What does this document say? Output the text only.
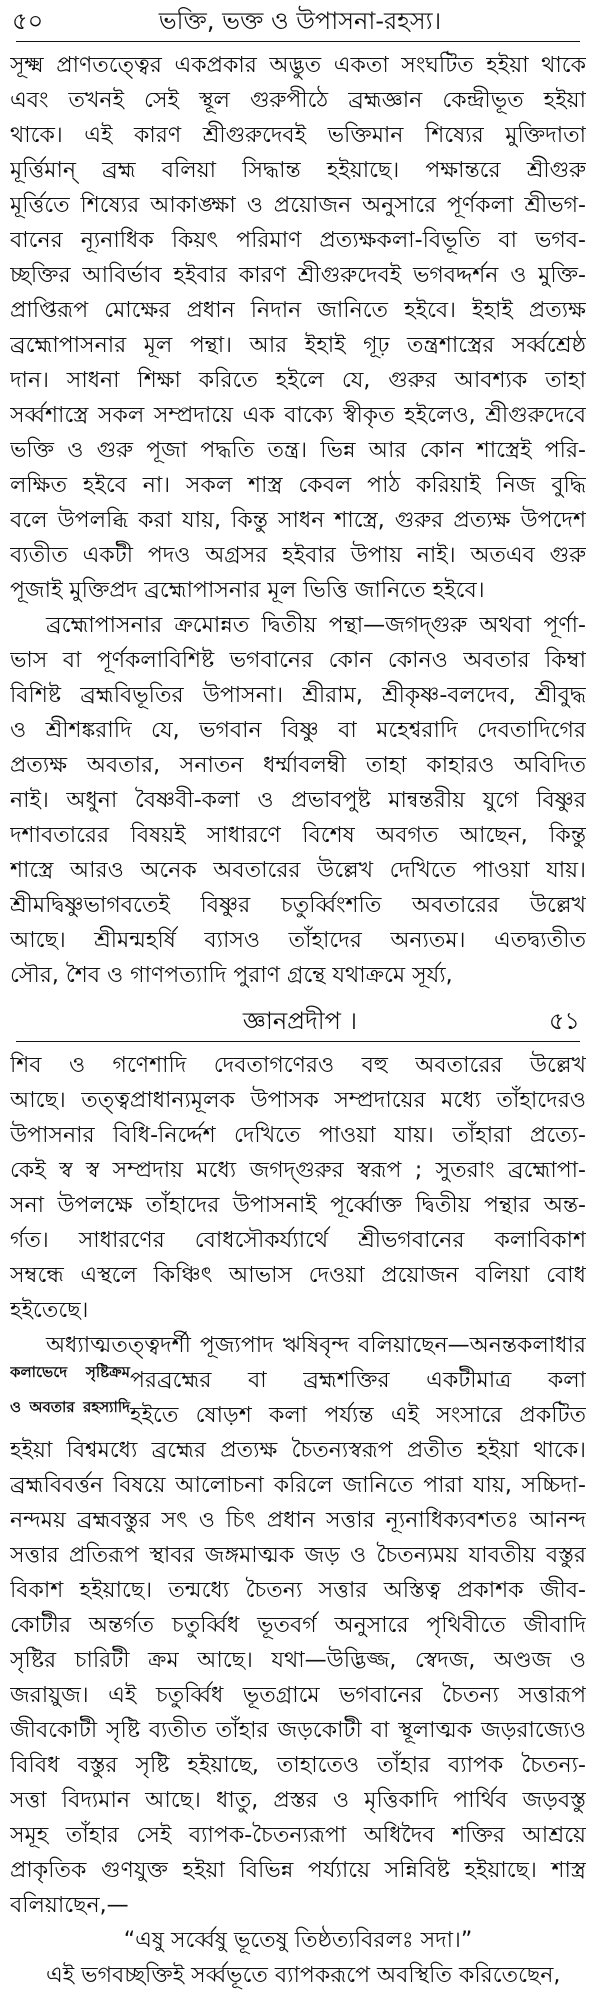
৫০	ভক্তি, ভক্ত ও উপাসনা-রহস্য।
সূক্ষ্ম প্রাণতত্ত্বের একপ্রকার অদ্ভুত একতা সংঘটিত হইয়া থাকে
এবং তখনই সেই স্থূল গুরুপীঠে ব্রহ্মজ্ঞান কেন্দ্রীভূত হইয়া
থাকে। এই কারণ শ্রীগুরুদেবই ভক্তিমান শিষ্যের মুক্তিদাতা
মূর্ত্তিমান্ ব্রহ্ম বলিয়া সিদ্ধান্ত হইয়াছে। পক্ষান্তরে শ্রীগুরু
মূর্ত্তিতে শিষ্যের আকাঙ্ক্ষা ও প্রয়োজন অনুসারে পূর্ণকলা শ্রীভগ-
বানের ন্যূনাধিক কিয়ৎ পরিমাণ প্রত্যক্ষকলা-বিভূতি বা ভগব-
চ্ছক্তির আবির্ভাব হইবার কারণ শ্রীগুরুদেবই ভগবদ্দর্শন ও মুক্তি-
প্রাপ্তিরূপ মোক্ষের প্রধান নিদান জানিতে হইবে। ইহাই প্রত্যক্ষ
ব্রহ্মোপাসনার মূল পন্থা। আর ইহাই গূঢ় তন্ত্রশাস্ত্রের সর্ব্বশ্রেষ্ঠ
দান। সাধনা শিক্ষা করিতে হইলে যে, গুরুর আবশ্যক তাহা
সর্ব্বশাস্ত্রে সকল সম্প্রদায়ে এক বাক্যে স্বীকৃত হইলেও, শ্রীগুরুদেবে
ভক্তি ও গুরু পূজা পদ্ধতি তন্ত্র। ভিন্ন আর কোন শাস্ত্রেই পরি-
লক্ষিত হইবে না। সকল শাস্ত্র কেবল পাঠ করিয়াই নিজ বুদ্ধি
বলে উপলব্ধি করা যায়, কিন্তু সাধন শাস্ত্রে, গুরুর প্রত্যক্ষ উপদেশ
ব্যতীত একটী পদও অগ্রসর হইবার উপায় নাই। অতএব গুরু
পূজাই মুক্তিপ্রদ ব্রহ্মোপাসনার মূল ভিত্তি জানিতে হইবে।
ব্রহ্মোপাসনার ক্রমোন্নত দ্বিতীয় পন্থা—জগদ্গুরু অথবা পূর্ণা-
ভাস বা পূর্ণকলাবিশিষ্ট ভগবানের কোন কোনও অবতার কিম্বা
বিশিষ্ট ব্রহ্মবিভূতির উপাসনা। শ্রীরাম, শ্রীকৃষ্ণ-বলদেব, শ্রীবুদ্ধ
ও শ্রীশঙ্করাদি যে, ভগবান বিষ্ণু বা মহেশ্বরাদি দেবতাদিগের
প্রত্যক্ষ অবতার, সনাতন ধর্ম্মাবলম্বী তাহা কাহারও অবিদিত
নাই। অধুনা বৈষ্ণবী-কলা ও প্রভাবপুষ্ট মান্বন্তরীয় যুগে বিষ্ণুর
দশাবতারের বিষয়ই সাধারণে বিশেষ অবগত আছেন, কিন্তু
শাস্ত্রে আরও অনেক অবতারের উল্লেখ দেখিতে পাওয়া যায়।
শ্রীমদ্বিষ্ণুভাগবতেই বিষ্ণুর চতুর্ব্বিংশতি অবতারের উল্লেখ
আছে। শ্রীমন্মহর্ষি ব্যাসও তাঁহাদের অন্যতম। এতদ্ব্যতীত
সৌর, শৈব ও গাণপত্যাদি পুরাণ গ্রন্থে যথাক্রমে সূর্য্য,
জ্ঞানপ্রদীপ ।	৫১
শিব ও গণেশাদি দেবতাগণেরও বহু অবতারের উল্লেখ
আছে। তত্ত্বপ্রাধান্যমূলক উপাসক সম্প্রদায়ের মধ্যে তাঁহাদেরও
উপাসনার বিধি-নির্দ্দেশ দেখিতে পাওয়া যায়। তাঁহারা প্রত্যে-
কেই স্ব স্ব সম্প্রদায় মধ্যে জগদ্গুরুর স্বরূপ ; সুতরাং ব্রহ্মোপা-
সনা উপলক্ষে তাঁহাদের উপাসনাই পূর্ব্বোক্ত দ্বিতীয় পন্থার অন্ত-
র্গত। সাধারণের বোধসৌকর্য্যার্থে শ্রীভগবানের কলাবিকাশ
সম্বন্ধে এস্থলে কিঞ্চিৎ আভাস দেওয়া প্রয়োজন বলিয়া বোধ
হইতেছে।
অধ্যাত্মতত্ত্বদর্শী পূজ্যপাদ ঋষিবৃন্দ বলিয়াছেন—অনন্তকলাধার
কলাভেদে সৃষ্টিক্রমপরব্রহ্মের বা ব্রহ্মশক্তির একটীমাত্র কলা
ও অবতার রহস্যাদিহইতে ষোড়শ কলা পর্য্যন্ত এই সংসারে প্রকটিত
হইয়া বিশ্বমধ্যে ব্রহ্মের প্রত্যক্ষ চৈতন্যস্বরূপ প্রতীত হইয়া থাকে।
ব্রহ্মবিবর্ত্তন বিষয়ে আলোচনা করিলে জানিতে পারা যায়, সচ্চিদা-
নন্দময় ব্রহ্মবস্তুর সৎ ও চিৎ প্রধান সত্তার ন্যূনাধিক্যবশতঃ আনন্দ
সত্তার প্রতিরূপ স্থাবর জঙ্গমাত্মক জড় ও চৈতন্যময় যাবতীয় বস্তুর
বিকাশ হইয়াছে। তন্মধ্যে চৈতন্য সত্তার অস্তিত্ব প্রকাশক জীব-
কোটীর অন্তর্গত চতুর্ব্বিধ ভূতবর্গ অনুসারে পৃথিবীতে জীবাদি
সৃষ্টির চারিটী ক্রম আছে। যথা—উদ্ভিজ্জ, স্বেদজ, অণ্ডজ ও
জরায়ুজ। এই চতুর্ব্বিধ ভূতগ্রামে ভগবানের চৈতন্য সত্তারূপ
জীবকোটী সৃষ্টি ব্যতীত তাঁহার জড়কোটী বা স্থূলাত্মক জড়রাজ্যেও
বিবিধ বস্তুর সৃষ্টি হইয়াছে, তাহাতেও তাঁহার ব্যাপক চৈতন্য-
সত্তা বিদ্যমান আছে। ধাতু, প্রস্তর ও মৃত্তিকাদি পার্থিব জড়বস্তু
সমূহ তাঁহার সেই ব্যাপক-চৈতন্যরূপা অধিদৈব শক্তির আশ্রয়ে
প্রাকৃতিক গুণযুক্ত হইয়া বিভিন্ন পর্য্যায়ে সন্নিবিষ্ট হইয়াছে। শাস্ত্র
বলিয়াছেন,—
“এষু সর্ব্বেষু ভূতেষু তিষ্ঠত্যবিরলঃ সদা।”
এই ভগবচ্ছক্তিই সর্ব্বভূতে ব্যাপকরূপে অবস্থিতি করিতেছেন,
